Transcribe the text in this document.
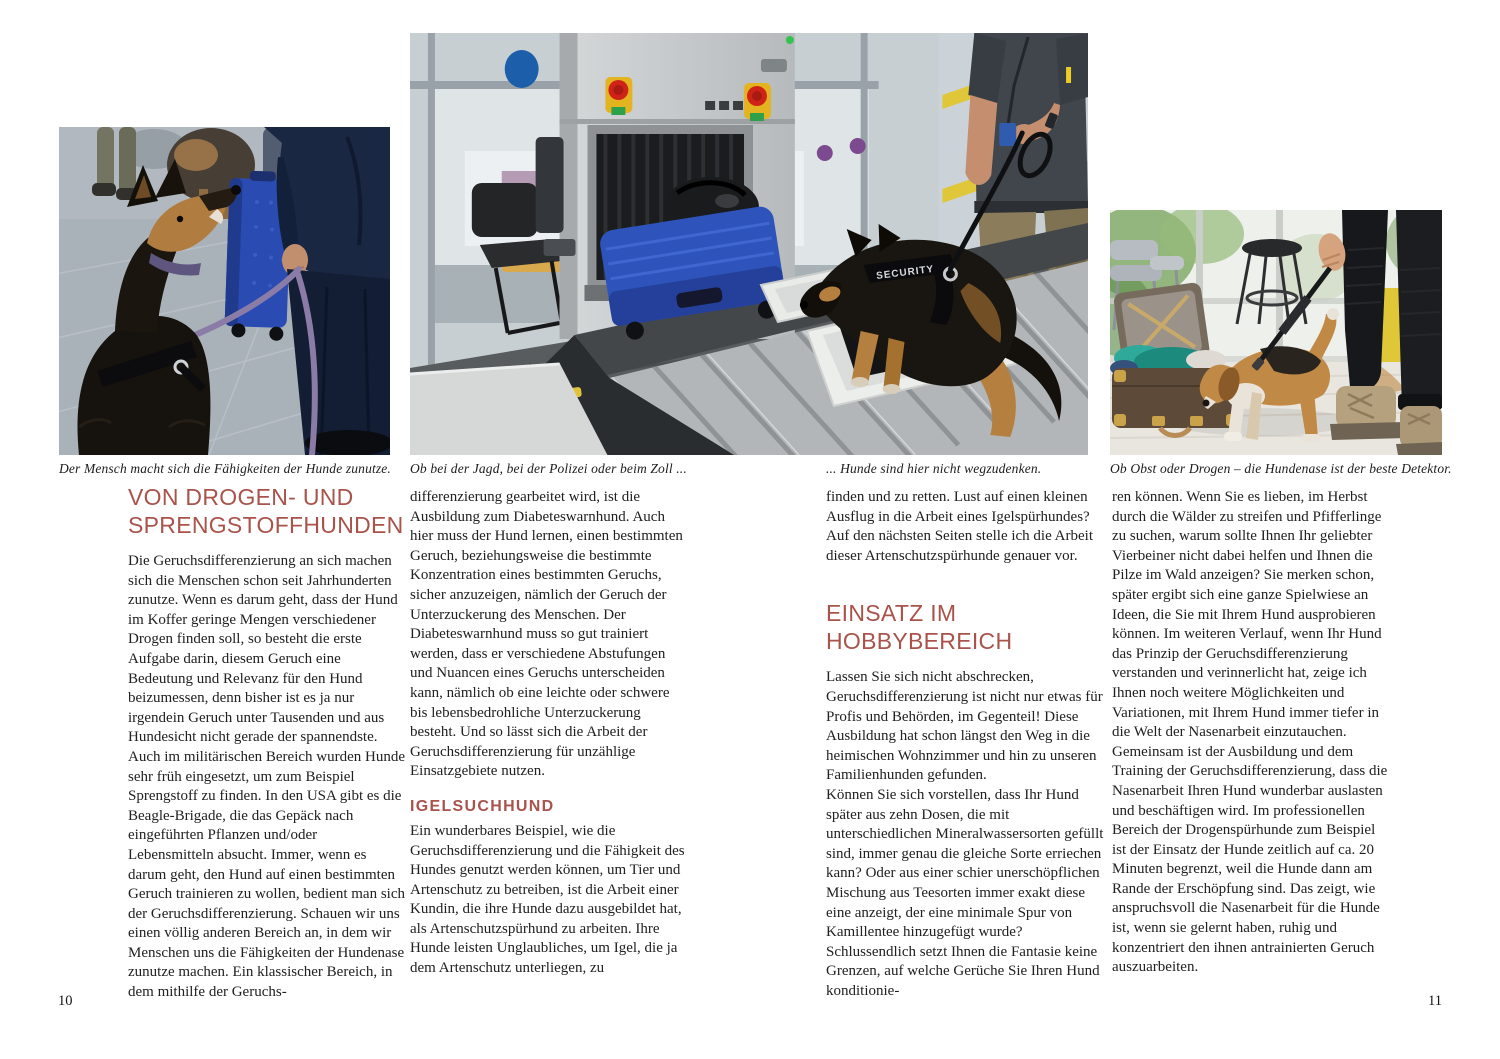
SECURITY
Der Mensch macht sich die Fähigkeiten der Hunde zunutze. Ob bei der Jagd, bei der Polizei oder beim Zoll ...	... Hunde sind hier nicht wegzudenken.	Ob Obst oder Drogen – die Hundenase ist der beste Detektor.
VON DROGEN- UND SPRENGSTOFFHUNDEN

Die Geruchsdifferenzierung an sich machen sich die Menschen schon seit Jahrhunderten zunutze. Wenn es darum geht, dass der Hund im Koffer geringe Mengen verschiedener Drogen finden soll, so besteht die erste Aufgabe darin, diesem Geruch eine Bedeutung und Relevanz für den Hund beizumessen, denn bisher ist es ja nur irgendein Geruch unter Tausenden und aus Hundesicht nicht gerade der spannendste. Auch im militärischen Bereich wurden Hunde sehr früh eingesetzt, um zum Beispiel Sprengstoff zu finden. In den USA gibt es die Beagle-Brigade, die das Gepäck nach eingeführten Pflanzen und/oder Lebensmitteln absucht. Immer, wenn es darum geht, den Hund auf einen bestimmten Geruch trainieren zu wollen, bedient man sich der Geruchsdifferenzierung. Schauen wir uns einen völlig anderen Bereich an, in dem wir Menschen uns die Fähigkeiten der Hundenase zunutze machen. Ein klassischer Bereich, in dem mithilfe der Geruchs-

differenzierung gearbeitet wird, ist die Ausbildung zum Diabeteswarnhund. Auch hier muss der Hund lernen, einen bestimmten Geruch, beziehungsweise die bestimmte Konzentration eines bestimmten Geruchs, sicher anzuzeigen, nämlich der Geruch der Unterzuckerung des Menschen. Der Diabeteswarnhund muss so gut trainiert werden, dass er verschiedene Abstufungen und Nuancen eines Geruchs unterscheiden kann, nämlich ob eine leichte oder schwere bis lebensbedrohliche Unterzuckerung besteht. Und so lässt sich die Arbeit der Geruchsdifferenzierung für unzählige Einsatzgebiete nutzen.

IGELSUCHHUND

Ein wunderbares Beispiel, wie die Geruchsdifferenzierung und die Fähigkeit des Hundes genutzt werden können, um Tier und Artenschutz zu betreiben, ist die Arbeit einer Kundin, die ihre Hunde dazu ausgebildet hat, als Artenschutzspürhund zu arbeiten. Ihre Hunde leisten Unglaubliches, um Igel, die ja dem Artenschutz unterliegen, zu

finden und zu retten. Lust auf einen kleinen Ausflug in die Arbeit eines Igelspürhundes? Auf den nächsten Seiten stelle ich die Arbeit dieser Artenschutzspürhunde genauer vor.

EINSATZ IM HOBBYBEREICH

Lassen Sie sich nicht abschrecken, Geruchsdifferenzierung ist nicht nur etwas für Profis und Behörden, im Gegenteil! Diese Ausbildung hat schon längst den Weg in die heimischen Wohnzimmer und hin zu unseren Familienhunden gefunden.

Können Sie sich vorstellen, dass Ihr Hund später aus zehn Dosen, die mit unterschiedlichen Mineralwassersorten gefüllt sind, immer genau die gleiche Sorte erriechen kann? Oder aus einer schier unerschöpflichen Mischung aus Teesorten immer exakt diese eine anzeigt, der eine minimale Spur von Kamillentee hinzugefügt wurde? Schlussendlich setzt Ihnen die Fantasie keine Grenzen, auf welche Gerüche Sie Ihren Hund konditionie-

ren können. Wenn Sie es lieben, im Herbst durch die Wälder zu streifen und Pfifferlinge zu suchen, warum sollte Ihnen Ihr geliebter Vierbeiner nicht dabei helfen und Ihnen die Pilze im Wald anzeigen? Sie merken schon, später ergibt sich eine ganze Spielwiese an Ideen, die Sie mit Ihrem Hund ausprobieren können. Im weiteren Verlauf, wenn Ihr Hund das Prinzip der Geruchsdifferenzierung verstanden und verinnerlicht hat, zeige ich Ihnen noch weitere Möglichkeiten und Variationen, mit Ihrem Hund immer tiefer in die Welt der Nasenarbeit einzutauchen.

Gemeinsam ist der Ausbildung und dem Training der Geruchsdifferenzierung, dass die Nasenarbeit Ihren Hund wunderbar auslasten und beschäftigen wird. Im professionellen Bereich der Drogenspürhunde zum Beispiel ist der Einsatz der Hunde zeitlich auf ca. 20 Minuten begrenzt, weil die Hunde dann am Rande der Erschöpfung sind. Das zeigt, wie anspruchsvoll die Nasenarbeit für die Hunde ist, wenn sie gelernt haben, ruhig und konzentriert den ihnen antrainierten Geruch auszuarbeiten.

10	11
